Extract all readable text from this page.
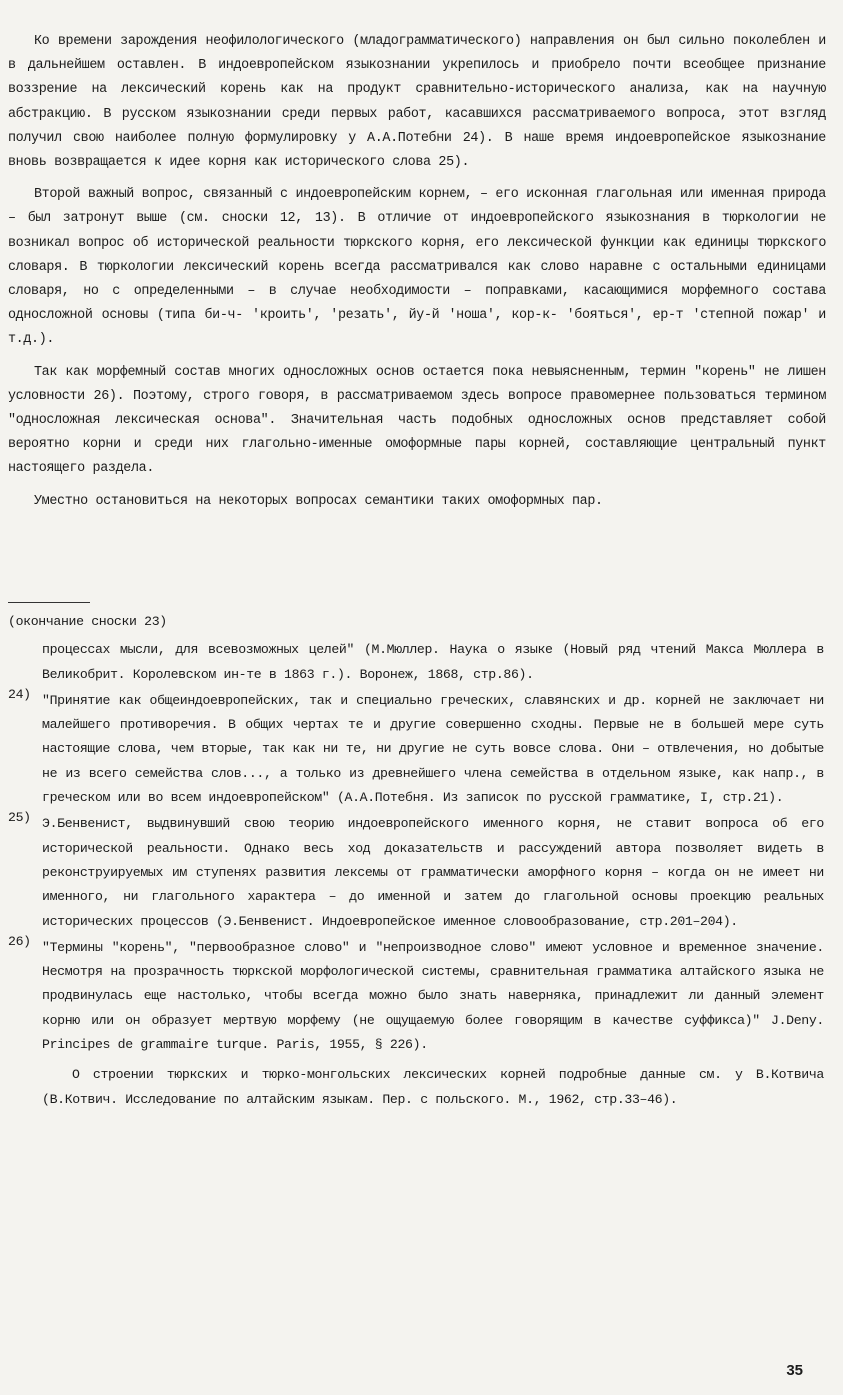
Ко времени зарождения неофилологического (младограмматического) направления он был сильно поколеблен и в дальнейшем оставлен. В индоевропейском языкознании укрепилось и приобрело почти всеобщее признание воззрение на лексический корень как на продукт сравнительно-исторического анализа, как на научную абстракцию. В русском языкознании среди первых работ, касавшихся рассматриваемого вопроса, этот взгляд получил свою наиболее полную формулировку у А.А.Потебни 24). В наше время индоевропейское языкознание вновь возвращается к идее корня как исторического слова 25).

Второй важный вопрос, связанный с индоевропейским корнем, – его исконная глагольная или именная природа – был затронут выше (см. сноски 12, 13). В отличие от индоевропейского языкознания в тюркологии не возникал вопрос об исторической реальности тюркского корня, его лексической функции как единицы тюркского словаря. В тюркологии лексический корень всегда рассматривался как слово наравне с остальными единицами словаря, но с определенными – в случае необходимости – поправками, касающимися морфемного состава односложной основы (типа би-ч- 'кроить', 'резать', йу-й 'ноша', кор-к- 'бояться', ер-т 'степной пожар' и т.д.).

Так как морфемный состав многих односложных основ остается пока невыясненным, термин "корень" не лишен условности 26). Поэтому, строго говоря, в рассматриваемом здесь вопросе правомернее пользоваться термином "односложная лексическая основа". Значительная часть подобных односложных основ представляет собой вероятно корни и среди них глагольно-именные омоформные пары корней, составляющие центральный пункт настоящего раздела.

Уместно остановиться на некоторых вопросах семантики таких омоформных пар.

(окончание сноски 23)

процессах мысли, для всевозможных целей" (М.Мюллер. Наука о языке (Новый ряд чтений Макса Мюллера в Великобрит. Королевском ин-те в 1863 г.). Воронеж, 1868, стр.86).

24) "Принятие как общеиндоевропейских, так и специально греческих, славянских и др. корней не заключает ни малейшего противоречия. В общих чертах те и другие совершенно сходны. Первые не в большей мере суть настоящие слова, чем вторые, так как ни те, ни другие не суть вовсе слова. Они – отвлечения, но добытые не из всего семейства слов..., а только из древнейшего члена семейства в отдельном языке, как напр., в греческом или во всем индоевропейском" (А.А.Потебня. Из записок по русской грамматике, I, стр.21).

25) Э.Бенвенист, выдвинувший свою теорию индоевропейского именного корня, не ставит вопроса об его исторической реальности. Однако весь ход доказательств и рассуждений автора позволяет видеть в реконструируемых им ступенях развития лексемы от грамматически аморфного корня – когда он не имеет ни именного, ни глагольного характера – до именной и затем до глагольной основы проекцию реальных исторических процессов (Э.Бенвенист. Индоевропейское именное словообразование, стр.201–204).

26) "Термины "корень", "первообразное слово" и "непроизводное слово" имеют условное и временное значение. Несмотря на прозрачность тюркской морфологической системы, сравнительная грамматика алтайского языка не продвинулась еще настолько, чтобы всегда можно было знать наверняка, принадлежит ли данный элемент корню или он образует мертвую морфему (не ощущаемую более говорящим в качестве суффикса)" J.Deny. Principes de grammaire turque. Paris, 1955, § 226).

О строении тюркских и тюрко-монгольских лексических корней подробные данные см. у В.Котвича (В.Котвич. Исследование по алтайским языкам. Пер. с польского. М., 1962, стр.33–46).

35
